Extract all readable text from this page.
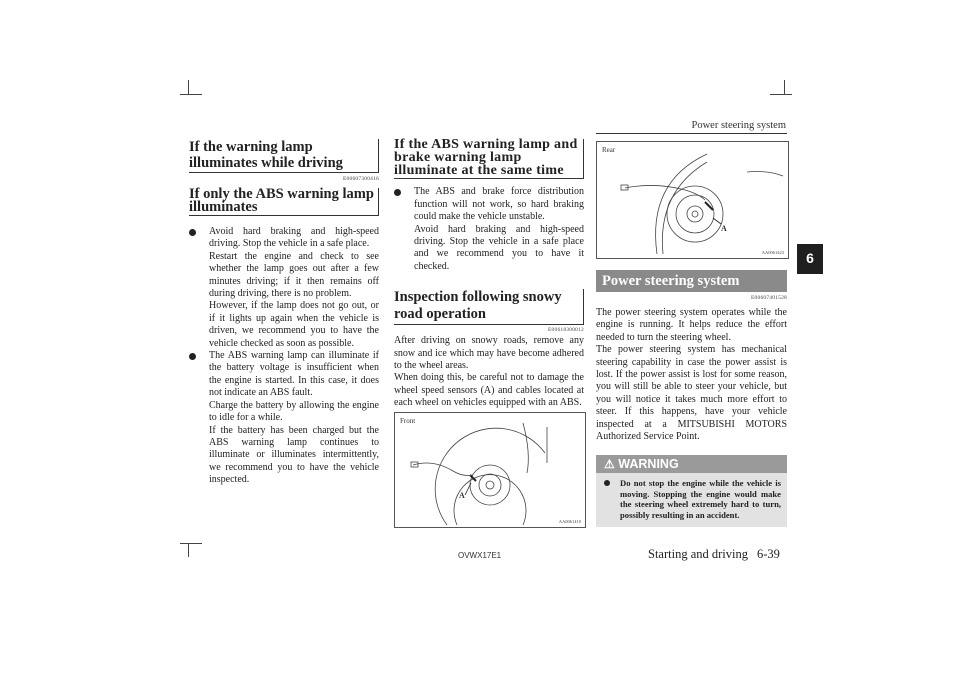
Power steering system
6
If the warning lamp illuminates while driving
E00607300416
If only the ABS warning lamp illuminates
Avoid hard braking and high-speed driving. Stop the vehicle in a safe place.
Restart the engine and check to see whether the lamp goes out after a few minutes driving; if it then remains off during driving, there is no problem.
However, if the lamp does not go out, or if it lights up again when the vehicle is driven, we recommend you to have the vehicle checked as soon as possible.
The ABS warning lamp can illuminate if the battery voltage is insufficient when the engine is started. In this case, it does not indicate an ABS fault.
Charge the battery by allowing the engine to idle for a while.
If the battery has been charged but the ABS warning lamp continues to illuminate or illuminates intermittently, we recommend you to have the vehicle inspected.
If the ABS warning lamp and brake warning lamp illuminate at the same time
The ABS and brake force distribution function will not work, so hard braking could make the vehicle unstable.
Avoid hard braking and high-speed driving. Stop the vehicle in a safe place and we recommend you to have it checked.
Inspection following snowy road operation
E00618300012
After driving on snowy roads, remove any snow and ice which may have become adhered to the wheel areas.
When doing this, be careful not to damage the wheel speed sensors (A) and cables located at each wheel on vehicles equipped with an ABS.
Front
A
AA0061410
Rear
A
AA0061423
Power steering system
E00607401528
The power steering system operates while the engine is running. It helps reduce the effort needed to turn the steering wheel.
The power steering system has mechanical steering capability in case the power assist is lost. If the power assist is lost for some reason, you will still be able to steer your vehicle, but you will notice it takes much more effort to steer. If this happens, have your vehicle inspected at a MITSUBISHI MOTORS Authorized Service Point.
⚠ WARNING
Do not stop the engine while the vehicle is moving. Stopping the engine would make the steering wheel extremely hard to turn, possibly resulting in an accident.
OVWX17E1	Starting and driving 6-39
